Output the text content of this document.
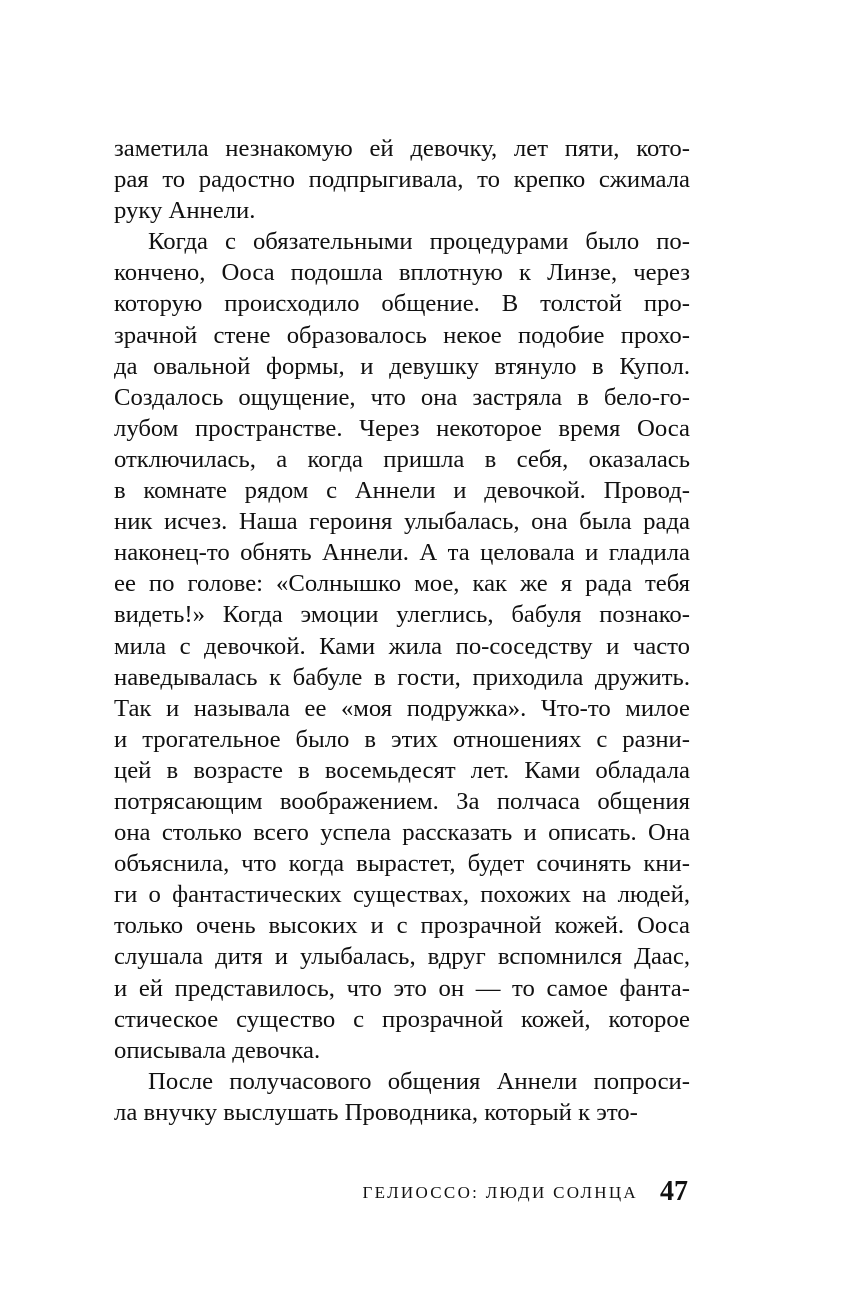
заметила незнакомую ей девочку, лет пяти, кото-
рая то радостно подпрыгивала, то крепко сжимала
руку Аннели.

Когда с обязательными процедурами было по-
кончено, Ооса подошла вплотную к Линзе, через
которую происходило общение. В толстой про-
зрачной стене образовалось некое подобие прохо-
да овальной формы, и девушку втянуло в Купол.
Создалось ощущение, что она застряла в бело-го-
лубом пространстве. Через некоторое время Ооса
отключилась, а когда пришла в себя, оказалась
в комнате рядом с Аннели и девочкой. Провод-
ник исчез. Наша героиня улыбалась, она была рада
наконец-то обнять Аннели. А та целовала и гладила
ее по голове: «Солнышко мое, как же я рада тебя
видеть!» Когда эмоции улеглись, бабуля познако-
мила с девочкой. Ками жила по-соседству и часто
наведывалась к бабуле в гости, приходила дружить.
Так и называла ее «моя подружка». Что-то милое
и трогательное было в этих отношениях с разни-
цей в возрасте в восемьдесят лет. Ками обладала
потрясающим воображением. За полчаса общения
она столько всего успела рассказать и описать. Она
объяснила, что когда вырастет, будет сочинять кни-
ги о фантастических существах, похожих на людей,
только очень высоких и с прозрачной кожей. Ооса
слушала дитя и улыбалась, вдруг вспомнился Даас,
и ей представилось, что это он — то самое фанта-
стическое существо с прозрачной кожей, которое
описывала девочка.

После получасового общения Аннели попроси-
ла внучку выслушать Проводника, который к это-

ГЕЛИОССО: ЛЮДИ СОЛНЦА 47
